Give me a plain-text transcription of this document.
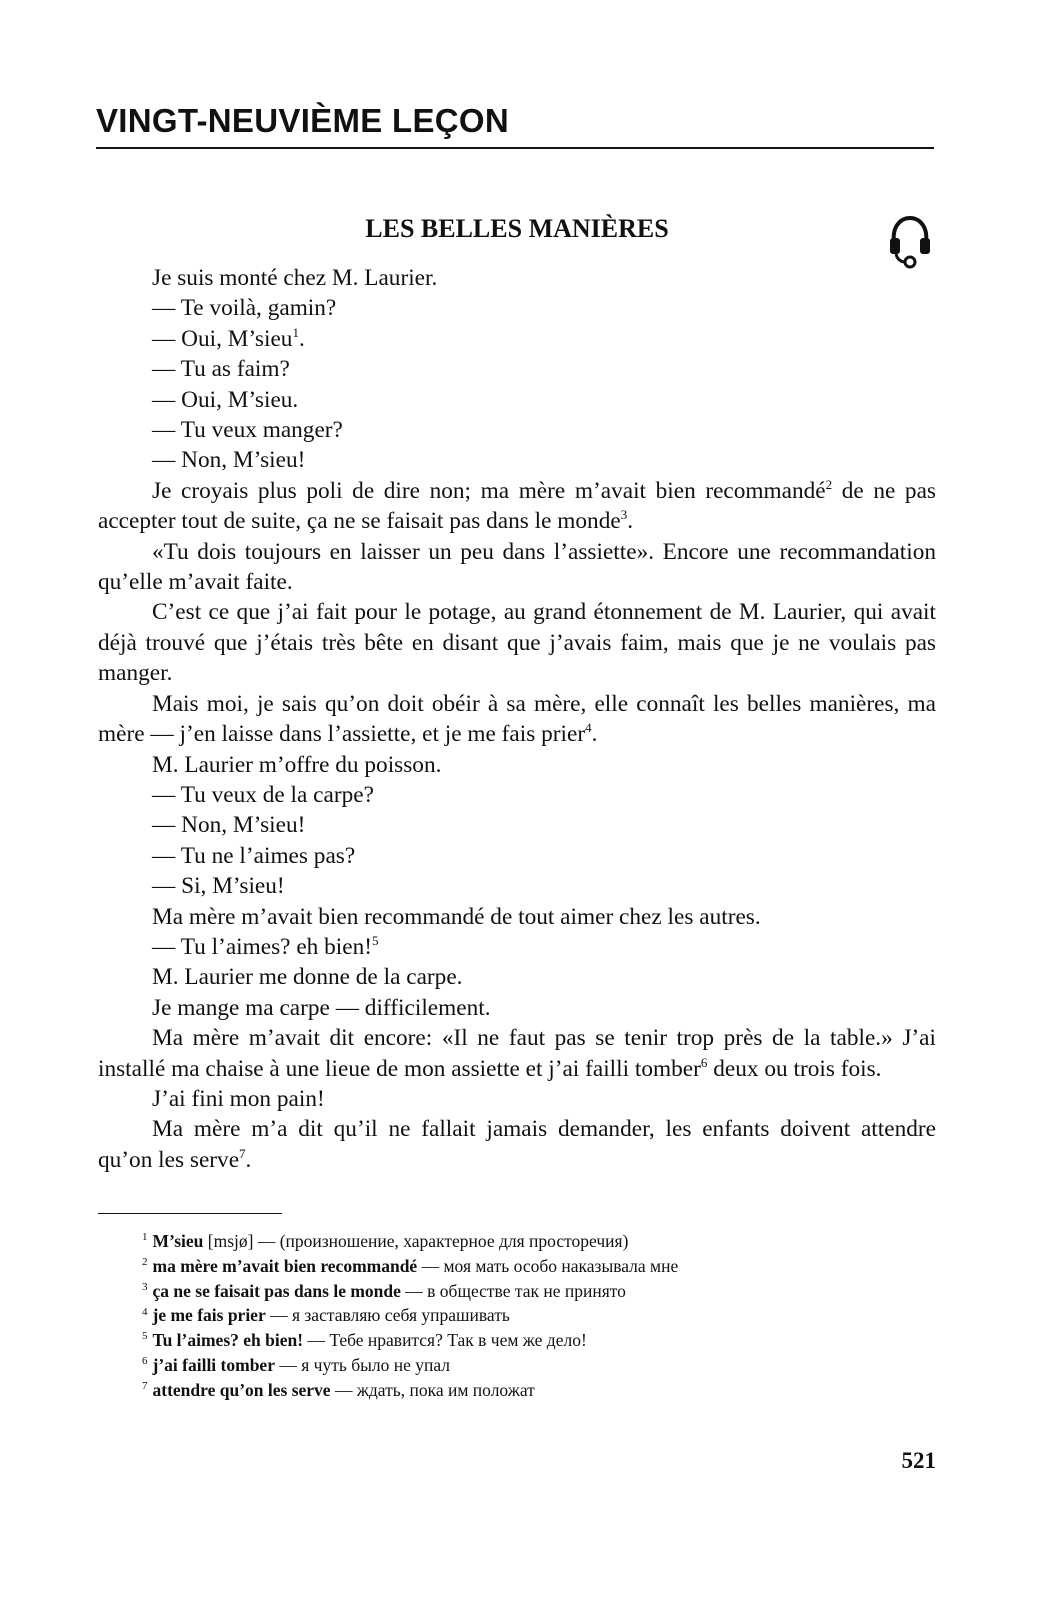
VINGT-NEUVIÈME LEÇON
LES BELLES MANIÈRES

Je suis monté chez M. Laurier.

— Te voilà, gamin?

— Oui, M’sieu$^1$.

— Tu as faim?

— Oui, M’sieu.

— Tu veux manger?

— Non, M’sieu!

Je croyais plus poli de dire non; ma mère m’avait bien recommandé$^2$ de ne pas accepter tout de suite, ça ne se faisait pas dans le monde$^3$.

«Tu dois toujours en laisser un peu dans l’assiette». Encore une recommandation qu’elle m’avait faite.

C’est ce que j’ai fait pour le potage, au grand étonnement de M. Laurier, qui avait déjà trouvé que j’étais très bête en disant que j’avais faim, mais que je ne voulais pas manger.

Mais moi, je sais qu’on doit obéir à sa mère, elle connaît les belles manières, ma mère — j’en laisse dans l’assiette, et je me fais prier$^4$.

M. Laurier m’offre du poisson.

— Tu veux de la carpe?

— Non, M’sieu!

— Tu ne l’aimes pas?

— Si, M’sieu!

Ma mère m’avait bien recommandé de tout aimer chez les autres.

— Tu l’aimes? eh bien!$^5$

M. Laurier me donne de la carpe.

Je mange ma carpe — difficilement.

Ma mère m’avait dit encore: «Il ne faut pas se tenir trop près de la table.» J’ai installé ma chaise à une lieue de mon assiette et j’ai failli tomber$^6$ deux ou trois fois.

J’ai fini mon pain!

Ma mère m’a dit qu’il ne fallait jamais demander, les enfants doivent attendre qu’on les serve$^7$.

$^1$ M’sieu [msjø] — (произношение, характерное для просторечия)

$^2$ ma mère m’avait bien recommandé — моя мать особо наказывала мне

$^3$ ça ne se faisait pas dans le monde — в обществе так не принято

$^4$ je me fais prier — я заставляю себя упрашивать

$^5$ Tu l’aimes? eh bien! — Тебе нравится? Так в чем же дело!

$^6$ j’ai failli tomber — я чуть было не упал

$^7$ attendre qu’on les serve — ждать, пока им положат

521
